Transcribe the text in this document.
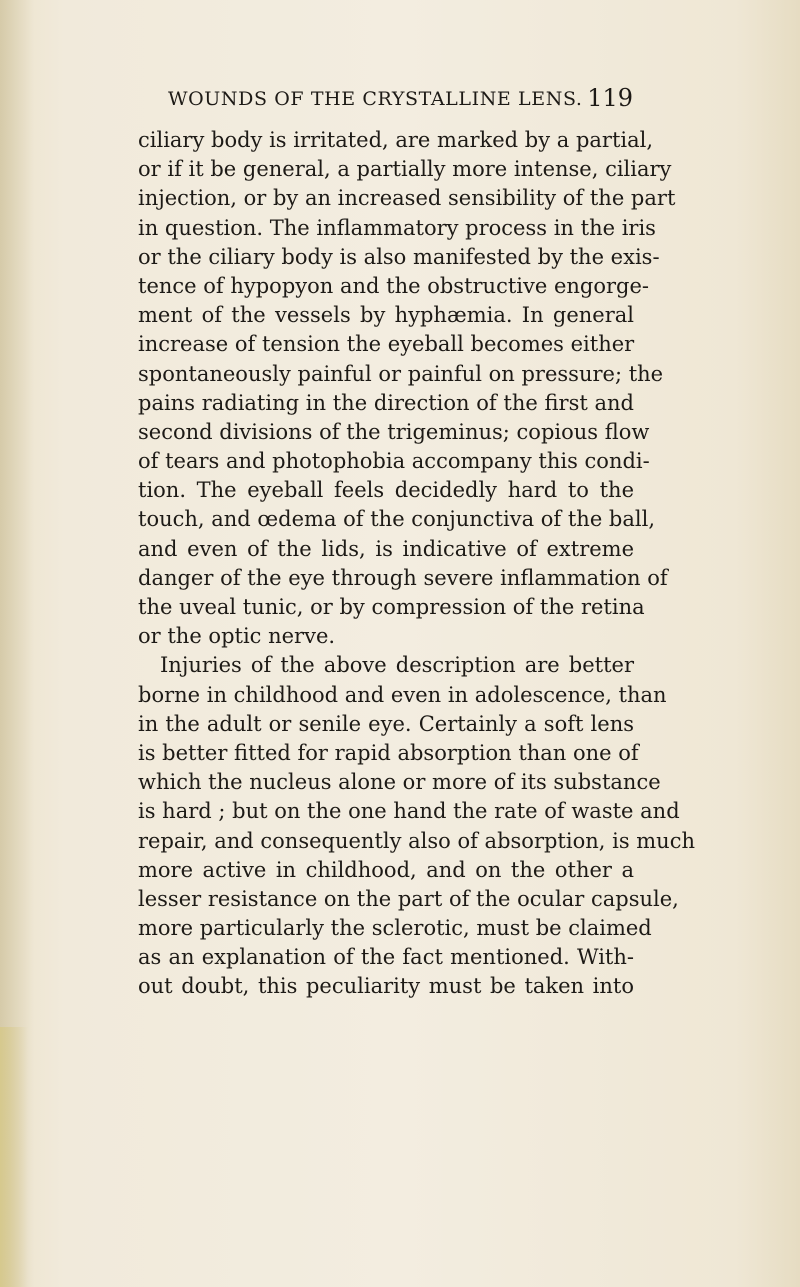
WOUNDS OF THE CRYSTALLINE LENS. 119
ciliary body is irritated, are marked by a partial,
or if it be general, a partially more intense, ciliary
injection, or by an increased sensibility of the part
in question. The inflammatory process in the iris
or the ciliary body is also manifested by the exis-
tence of hypopyon and the obstructive engorge-
ment of the vessels by hyphæmia. In general
increase of tension the eyeball becomes either
spontaneously painful or painful on pressure; the
pains radiating in the direction of the first and
second divisions of the trigeminus; copious flow
of tears and photophobia accompany this condi-
tion. The eyeball feels decidedly hard to the
touch, and œdema of the conjunctiva of the ball,
and even of the lids, is indicative of extreme
danger of the eye through severe inflammation of
the uveal tunic, or by compression of the retina
or the optic nerve.
Injuries of the above description are better
borne in childhood and even in adolescence, than
in the adult or senile eye. Certainly a soft lens
is better fitted for rapid absorption than one of
which the nucleus alone or more of its substance
is hard ; but on the one hand the rate of waste and
repair, and consequently also of absorption, is much
more active in childhood, and on the other a
lesser resistance on the part of the ocular capsule,
more particularly the sclerotic, must be claimed
as an explanation of the fact mentioned. With-
out doubt, this peculiarity must be taken into
